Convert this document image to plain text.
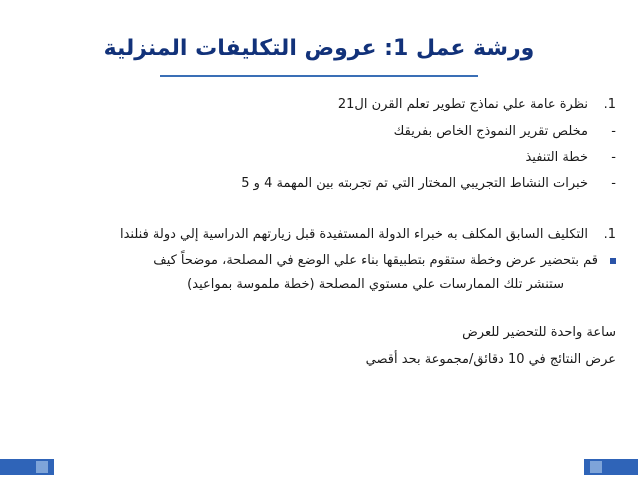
ورشة عمل 1: عروض التكليفات المنزلية
1.نظرة عامة علي نماذج تطوير تعلم القرن ال21
-مخلص تقرير النموذج الخاص بفريقك
-خطة التنفيذ
-خبرات النشاط التجريبي المختار التي تم تجربته بين المهمة 4 و 5
1.التكليف السابق المكلف به خبراء الدولة المستفيدة قبل زيارتهم الدراسية إلي دولة فنلندا
قم بتحضير عرض وخطة ستقوم بتطبيقها بناء علي الوضع في المصلحة، موضحاً كيف
ستنشر تلك الممارسات علي مستوي المصلحة (خطة ملموسة بمواعيد)
ساعة واحدة للتحضير للعرض
عرض النتائج في 10 دقائق/مجموعة بحد أقصي
